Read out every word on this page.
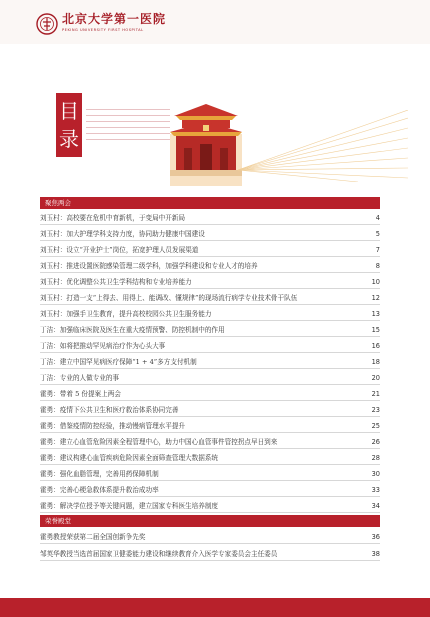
北京大学第一医院
PEKING UNIVERSITY FIRST HOSPITAL
目
录
聚焦两会
刘玉村：高校要在危机中育新机，于变局中开新局	4
刘玉村：加大护理学科支持力度，协同助力健康中国建设	5
刘玉村：设立“开业护士”岗位，拓宽护理人员发展渠道	7
刘玉村：推进设置医院感染管理二级学科，加强学科建设和专业人才的培养	8
刘玉村：优化调整公共卫生学科结构和专业培养能力	10
刘玉村：打造一支“上得去、用得上、能调改、懂规律”的现场流行病学专业技术骨干队伍	12
刘玉村：加强手卫生教育，提升高校校园公共卫生服务能力	13
丁洁：加强临床医院及医生在重大疫情预警、防控机制中的作用	15
丁洁：如将把推动罕见病治疗作为心头大事	16
丁洁：建立中国罕见病医疗保障“1 + 4”多方支付机制	18
丁洁：专业的人做专业的事	20
霍勇：带着 5 份提案上两会	21
霍勇：疫情下公共卫生和医疗救治体系协同完善	23
霍勇：借鉴疫情防控经验，推动慢病管理水平提升	25
霍勇：建立心血管危险因素全程管理中心，助力中国心血管事件管控拐点早日到来	26
霍勇：建议构建心血管疾病危险因素全面筛查管理大数据系统	28
霍勇：强化血脂管理，完善用药保障机制	30
霍勇：完善心梗急救体系提升救治成功率	33
霍勇：解决学位授予等关键问题，建立国家专科医生培养制度	34
荣誉殿堂
霍勇教授荣获第二届全国创新争先奖	36
邹英华教授当选首届国家卫健委能力建设和继续教育介入医学专家委员会主任委员	38
